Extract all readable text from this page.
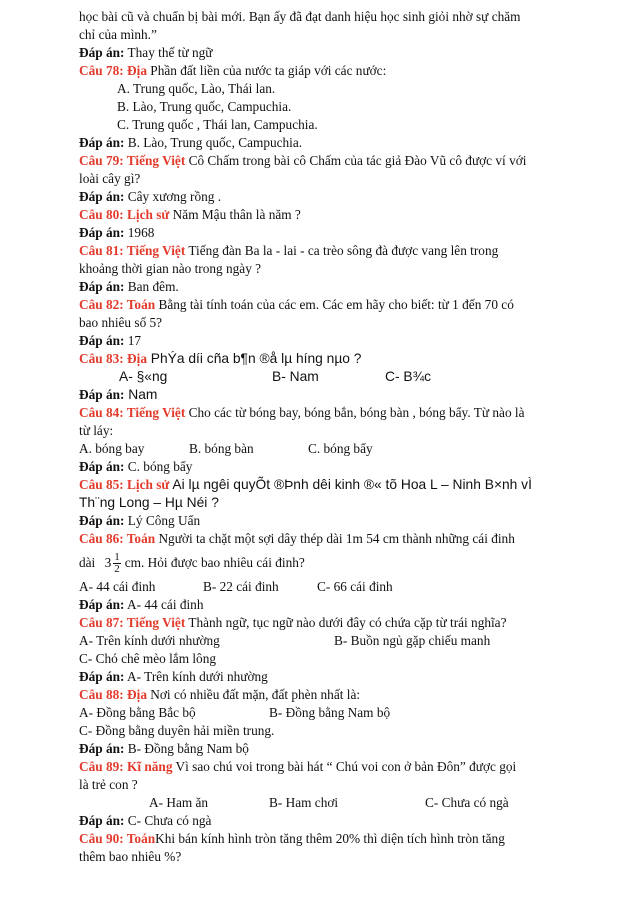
học bài cũ và chuẩn bị bài mới. Bạn ấy đã đạt danh hiệu học sinh giỏi nhờ sự chăm
chỉ của mình.”
Đáp án: Thay thế từ ngữ
Câu 78: Địa Phần đất liền của nước ta giáp với các nước:
A. Trung quốc, Lào, Thái lan.
B. Lào, Trung quốc, Campuchia.
C. Trung quốc , Thái lan, Campuchia.
Đáp án: B. Lào, Trung quốc, Campuchia.
Câu 79: Tiếng Việt Cô Chấm trong bài cô Chấm của tác giả Đào Vũ cô được ví với
loài cây gì?
Đáp án: Cây xương rồng .
Câu 80: Lịch sử Năm Mậu thân là năm ?
Đáp án: 1968
Câu 81: Tiếng Việt Tiếng đàn Ba la - lai - ca trèo sông đà được vang lên trong
khoảng thời gian nào trong ngày ?
Đáp án: Ban đêm.
Câu 82: Toán Bằng tài tính toán của các em. Các em hãy cho biết: từ 1 đến 70 có
bao nhiêu số 5?
Đáp án: 17
Câu 83: Địa PhÝa díi cña b¶n ®å lµ híng nµo ?
A- §«ng	B- Nam	C- B¾c
Đáp án: Nam
Câu 84: Tiếng Việt Cho các từ bóng bay, bóng bắn, bóng bàn , bóng bẩy. Từ nào là
từ láy:
A. bóng bay	B. bóng bàn	C. bóng bẩy
Đáp án: C. bóng bẩy
Câu 85: Lịch sử Ai lµ ngêi quyÕt ®Þnh dêi kinh ®« tõ Hoa L – Ninh B×nh vÌ
Th¨ng Long – Hµ Néi ?
Đáp án: Lý Công Uẩn
Câu 86: Toán Người ta chặt một sợi dây thép dài 1m 54 cm thành những cái đinh
dài $3 \frac{1}{2}$ cm. Hỏi được bao nhiêu cái đinh?
A- 44 cái đinh	B- 22 cái đinh	C- 66 cái đinh
Đáp án: A- 44 cái đinh
Câu 87: Tiếng Việt Thành ngữ, tục ngữ nào dưới đây có chứa cặp từ trái nghĩa?
A- Trên kính dưới nhường	B- Buồn ngủ gặp chiếu manh
C- Chó chê mèo lắm lông
Đáp án: A- Trên kính dưới nhường
Câu 88: Địa Nơi có nhiều đất mặn, đất phèn nhất là:
A- Đồng bằng Bắc bộ	B- Đồng bằng Nam bộ
C- Đồng bằng duyên hải miền trung.
Đáp án: B- Đồng bằng Nam bộ
Câu 89: Kĩ năng Vì sao chú voi trong bài hát “ Chú voi con ở bản Đôn” được gọi
là trẻ con ?
A- Ham ăn	B- Ham chơi	C- Chưa có ngà
Đáp án: C- Chưa có ngà
Câu 90: ToánKhi bán kính hình tròn tăng thêm 20% thì diện tích hình tròn tăng
thêm bao nhiêu %?
